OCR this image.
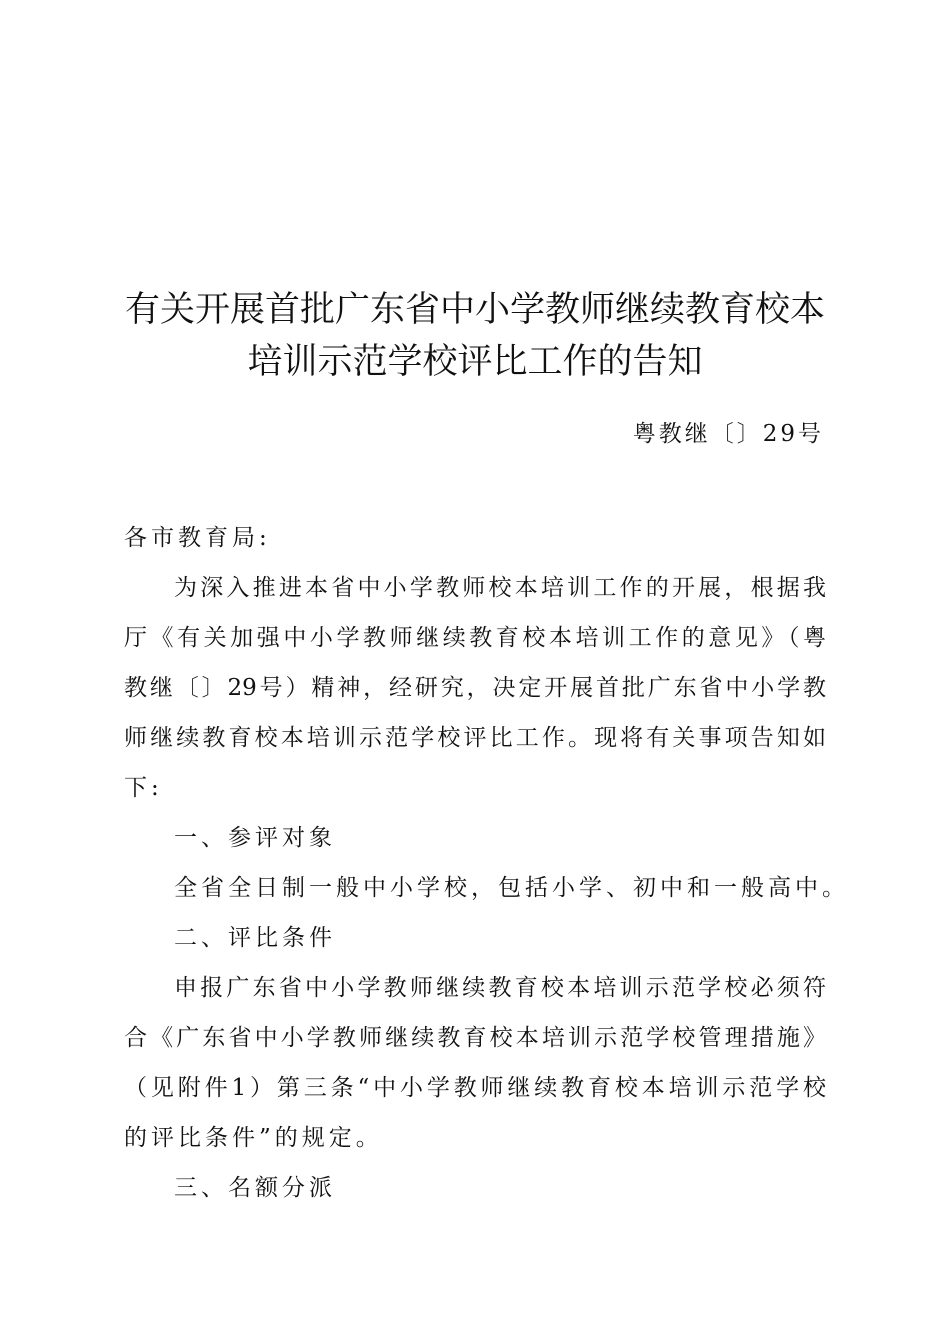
有关开展首批广东省中小学教师继续教育校本
培训示范学校评比工作的告知
粤教继〔〕29号
各市教育局:
为深入推进本省中小学教师校本培训工作的开展，根据我
厅《有关加强中小学教师继续教育校本培训工作的意见》（粤
教继〔〕29号）精神，经研究，决定开展首批广东省中小学教
师继续教育校本培训示范学校评比工作。现将有关事项告知如
下:
一、参评对象
全省全日制一般中小学校，包括小学、初中和一般高中。
二、评比条件
申报广东省中小学教师继续教育校本培训示范学校必须符
合《广东省中小学教师继续教育校本培训示范学校管理措施》
（见附件1）第三条“中小学教师继续教育校本培训示范学校
的评比条件”的规定。
三、名额分派
